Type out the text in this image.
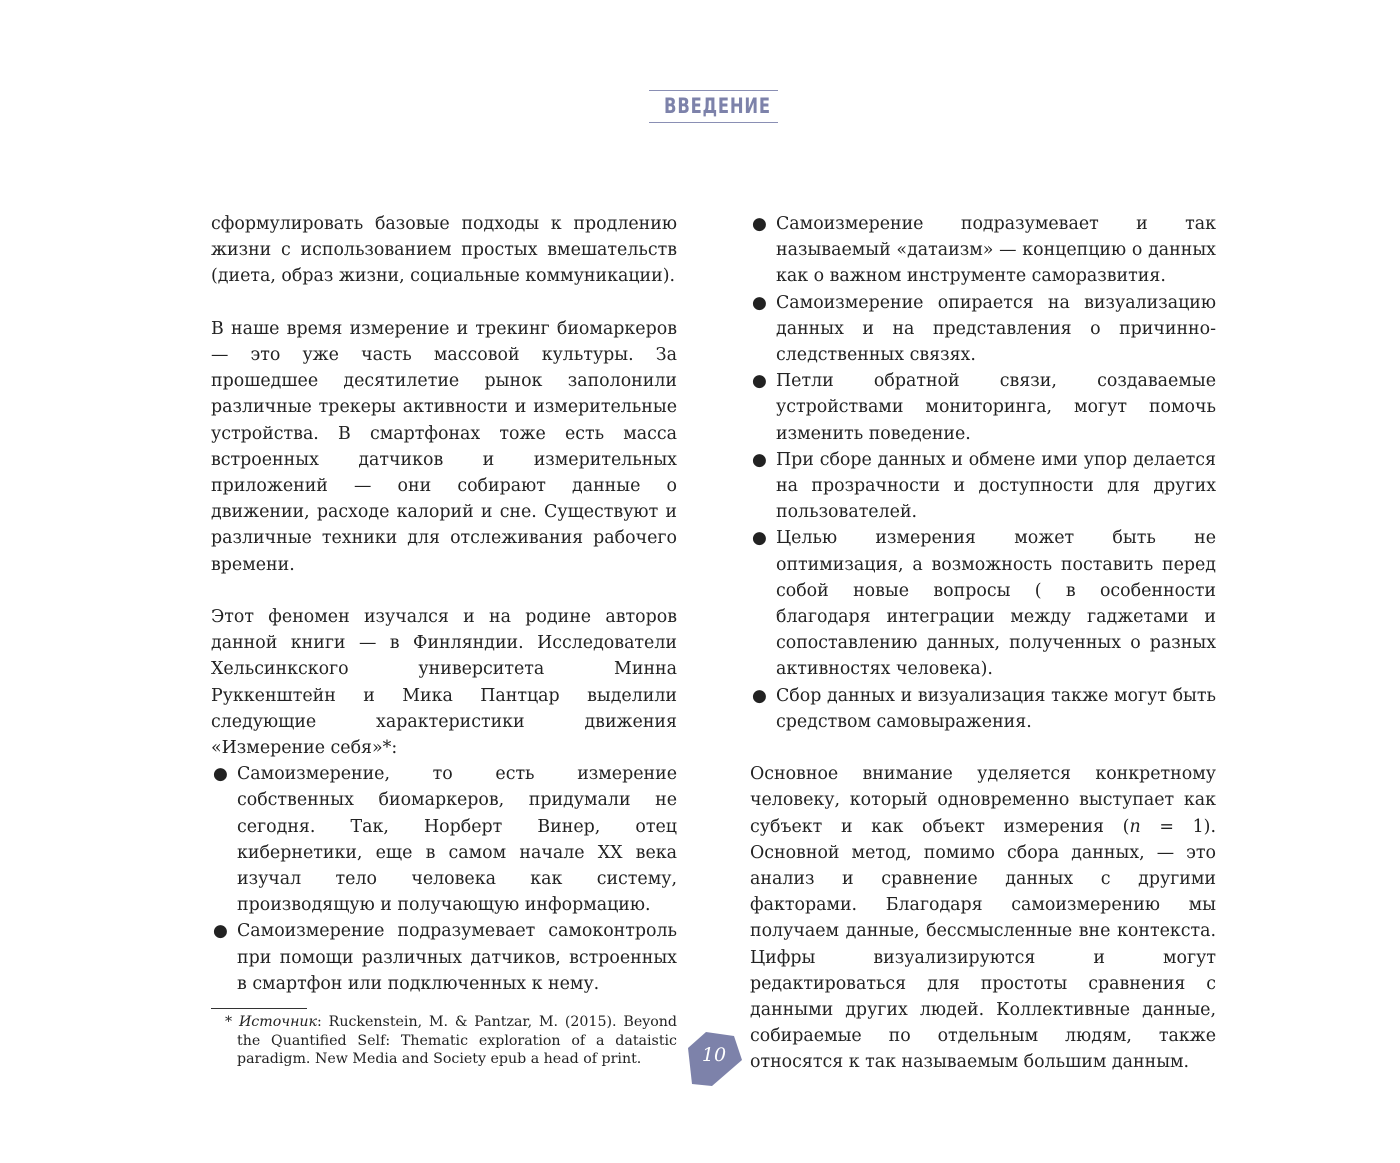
ВВЕДЕНИЕ

сформулировать базовые подходы к продлению жизни с использованием простых вмешательств (диета, образ жизни, социальные коммуникации).

В наше время измерение и трекинг биомаркеров — это уже часть массовой культуры. За прошедшее десятилетие рынок заполонили различные трекеры активности и измерительные устройства. В смартфонах тоже есть масса встроенных датчиков и измерительных приложений — они собирают данные о движении, расходе калорий и сне. Существуют и различные техники для отслеживания рабочего времени.

Этот феномен изучался и на родине авторов данной книги — в Финляндии. Исследователи Хельсинкского университета Минна Руккенштейн и Мика Пантцар выделили следующие характеристики движения «Измерение себя»*:

● Самоизмерение, то есть измерение собственных биомаркеров, придумали не сегодня. Так, Норберт Винер, отец кибернетики, еще в самом начале XX века изучал тело человека как систему, производящую и получающую информацию.
● Самоизмерение подразумевает самоконтроль при помощи различных датчиков, встроенных в смартфон или подключенных к нему.
* Источник: Ruckenstein, M. & Pantzar, M. (2015). Beyond the Quantified Self: Thematic exploration of a dataistic paradigm. New Media and Society epub a head of print.
● Самоизмерение подразумевает и так называемый «датаизм» — концепцию о данных как о важном инструменте саморазвития.
● Самоизмерение опирается на визуализацию данных и на представления о причинно-следственных связях.
● Петли обратной связи, создаваемые устройствами мониторинга, могут помочь изменить поведение.
● При сборе данных и обмене ими упор делается на прозрачности и доступности для других пользователей.
● Целью измерения может быть не оптимизация, а возможность поставить перед собой новые вопросы ( в особенности благодаря интеграции между гаджетами и сопоставлению данных, полученных о разных активностях человека).
● Сбор данных и визуализация также могут быть средством самовыражения.

Основное внимание уделяется конкретному человеку, который одновременно выступает как субъект и как объект измерения (n = 1). Основной метод, помимо сбора данных, — это анализ и сравнение данных с другими факторами. Благодаря самоизмерению мы получаем данные, бессмысленные вне контекста. Цифры визуализируются и могут редактироваться для простоты сравнения с данными других людей. Коллективные данные, собираемые по отдельным людям, также относятся к так называемым большим данным.

10
